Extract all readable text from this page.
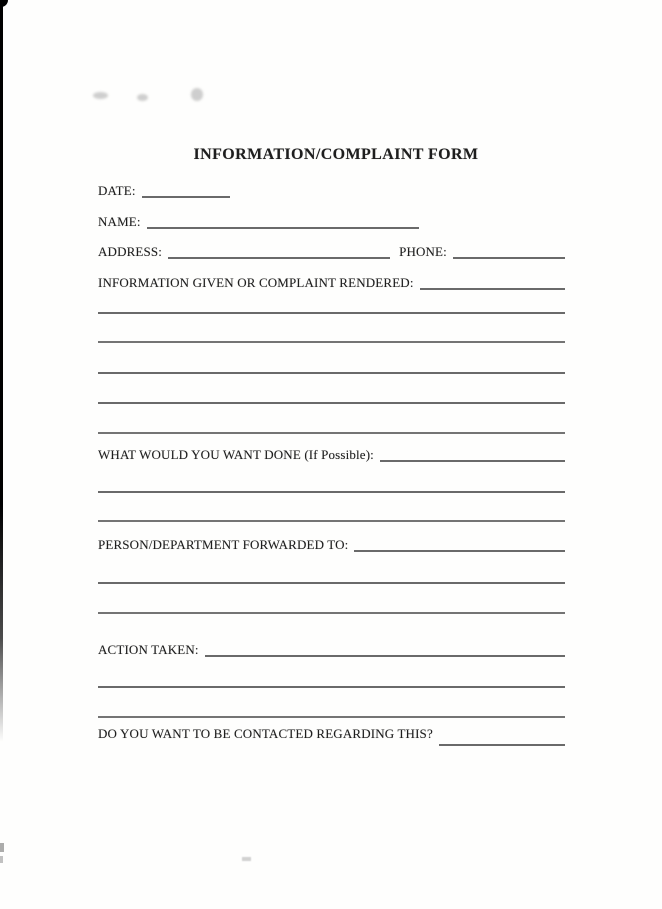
INFORMATION/COMPLAINT FORM
DATE:
NAME:
ADDRESS:	PHONE:
INFORMATION GIVEN OR COMPLAINT RENDERED:
WHAT WOULD YOU WANT DONE (If Possible):
PERSON/DEPARTMENT FORWARDED TO:
ACTION TAKEN:
DO YOU WANT TO BE CONTACTED REGARDING THIS?
